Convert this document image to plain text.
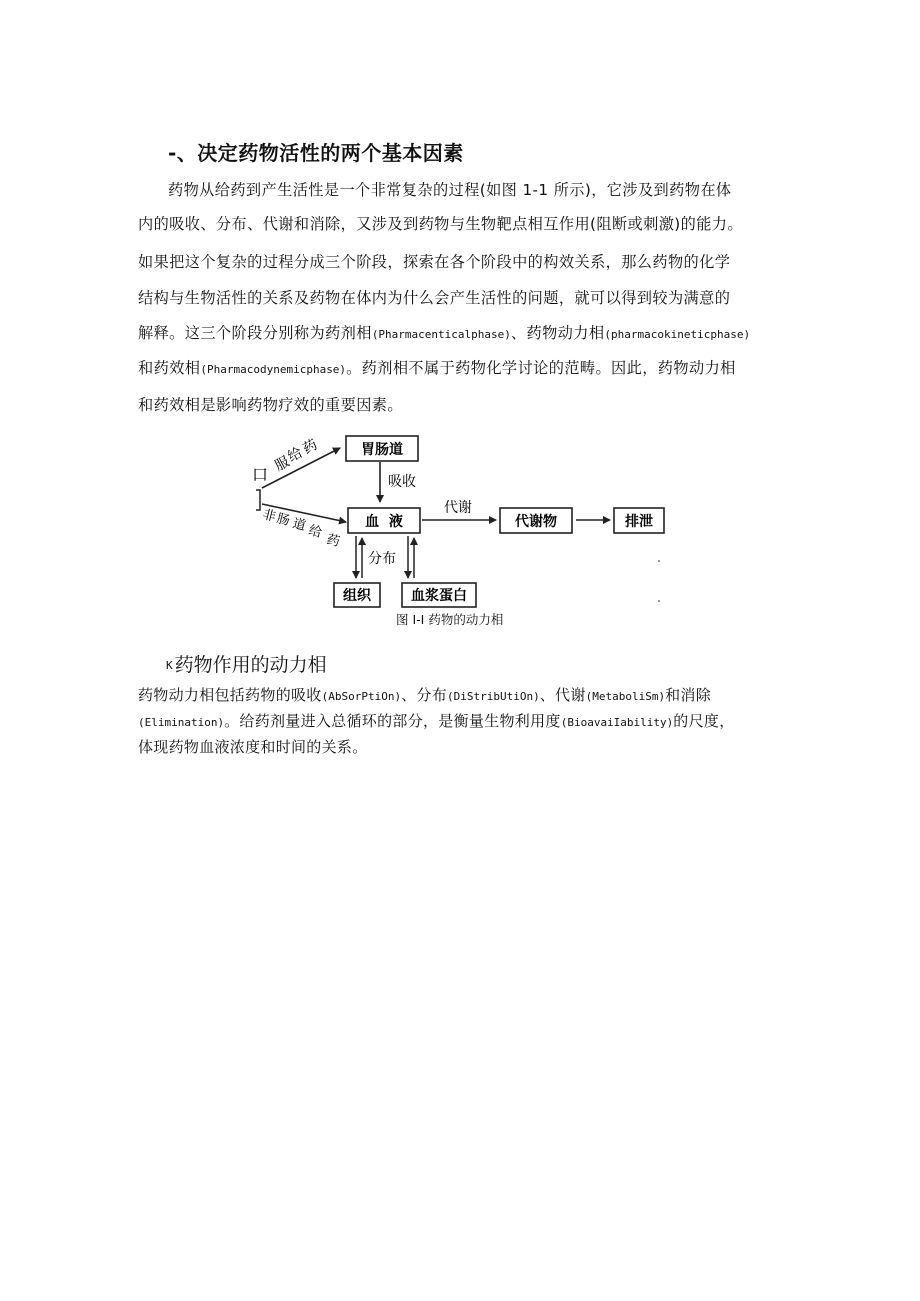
-、决定药物活性的两个基本因素
药物从给药到产生活性是一个非常复杂的过程(如图 1-1 所示)，它涉及到药物在体
内的吸收、分布、代谢和消除，又涉及到药物与生物靶点相互作用(阻断或刺激)的能力。
如果把这个复杂的过程分成三个阶段，探索在各个阶段中的构效关系，那么药物的化学
结构与生物活性的关系及药物在体内为什么会产生活性的问题，就可以得到较为满意的
解释。这三个阶段分别称为药剂相(Pharmacenticalphase)、药物动力相(pharmacokineticphase)
和药效相(Pharmacodynemicphase)。药剂相不属于药物化学讨论的范畴。因此，药物动力相
和药效相是影响药物疗效的重要因素。
口 服
给
药
非
肠 道 给
药
胃肠道
吸收
血  液
代谢
代谢物	排泄
分布
组织	血浆蛋白
图 I-I 药物的动力相
K 药物作用的动力相
药物动力相包括药物的吸收(AbSorPtiOn)、分布(DiStribUtiOn)、代谢(MetaboliSm)和消除
(Elimination)。给药剂量进入总循环的部分，是衡量生物利用度(BioavaiIability)的尺度，
体现药物血液浓度和时间的关系。
